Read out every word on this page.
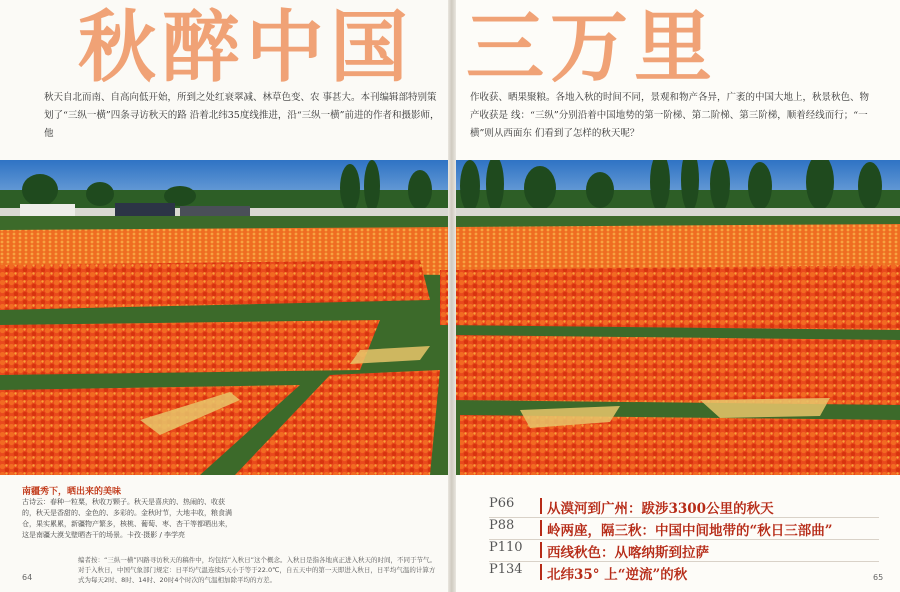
秋醉中国 三万里
秋天自北而南、自高向低开始，所到之处红衰翠减、林草色变、农 事甚大。本刊编辑部特别策划了“三纵一横”四条寻访秋天的路 沿着北纬35度线推进，沿“三纵一横”前进的作者和摄影师，他
作收获、晒果聚粮。各地入秋的时间不同，景观和物产各异，广袤的中国大地上，秋景秋色、物产收获是 线：“三纵”分别沿着中国地势的第一阶梯、第二阶梯、第三阶梯，顺着经线而行；“一横”则从西面东 们看到了怎样的秋天呢？
南疆秀下，晒出来的美味
古诗云：春种一粒粟，秋收万颗子。秋天是喜庆的、热闹的、收获的，秋天是香甜的、金色的、多彩的。金秋时节，大地丰收，粮食满仓，果实累累，新疆物产繁多，核桃、葡萄、枣、杏干等都晒出来，这是南疆大漠戈壁晒杏干的场景。卡孜·摄影 / 李学亮
编者按：“三纵一横”四路寻访秋天的稿件中，均包括“入秋日”这个概念。入秋日是指各地真正进入秋天的时间，不同于节气。 对于入秋日，中国气象部门规定：日平均气温连续5天小于等于22.0℃，自五天中的第一天即进入秋日，日平均气温的计算方式为每天2时、8时、14时、20时4个时次的气温相加除平均的方差。
64	65
P66 从漠河到广州：跋涉3300公里的秋天
P88 岭两座，隔三秋：中国中间地带的“秋日三部曲”
P110 西线秋色：从喀纳斯到拉萨
P134 北纬35° 上“逆流”的秋
